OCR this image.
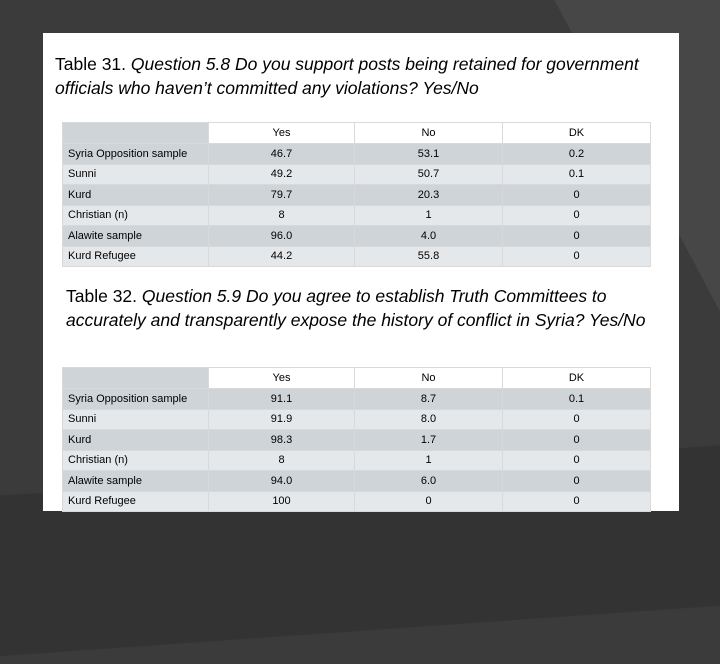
Table 31. Question 5.8 Do you support posts being retained for government officials who haven’t committed any violations? Yes/No
	Yes	No	DK
Syria Opposition sample	46.7	53.1	0.2
Sunni	49.2	50.7	0.1
Kurd	79.7	20.3	0
Christian (n)	8	1	0
Alawite sample	96.0	4.0	0
Kurd Refugee	44.2	55.8	0
Table 32. Question 5.9 Do you agree to establish Truth Committees to accurately and transparently expose the history of conflict in Syria? Yes/No
	Yes	No	DK
Syria Opposition sample	91.1	8.7	0.1
Sunni	91.9	8.0	0
Kurd	98.3	1.7	0
Christian (n)	8	1	0
Alawite sample	94.0	6.0	0
Kurd Refugee	100	0	0
